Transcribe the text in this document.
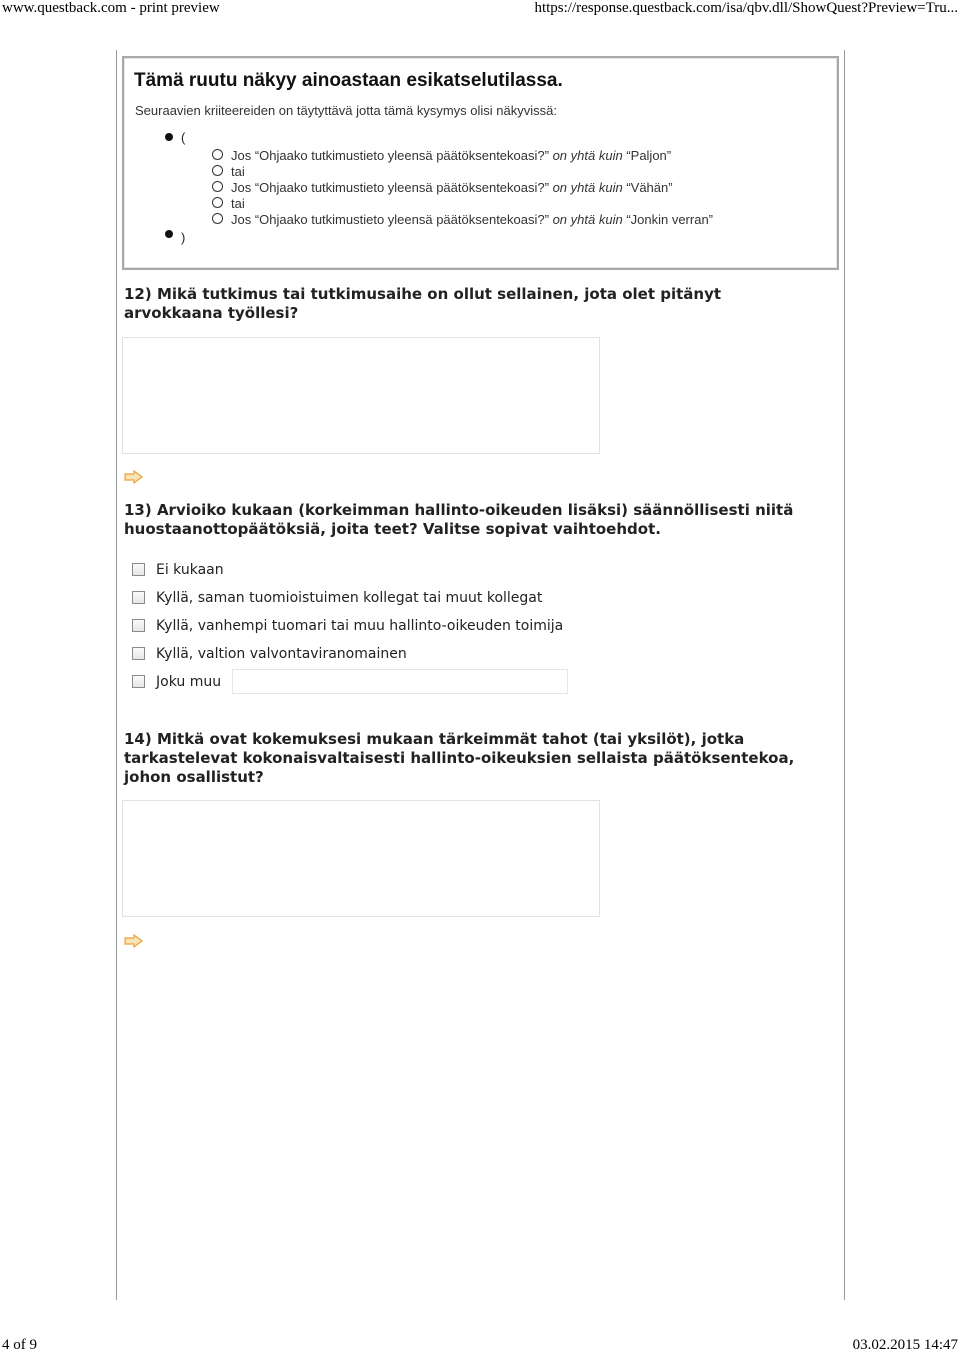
www.questback.com - print preview	https://response.questback.com/isa/qbv.dll/ShowQuest?Preview=Tru...
Tämä ruutu näkyy ainoastaan esikatselutilassa.
Seuraavien kriiteereiden on täytyttävä jotta tämä kysymys olisi näkyvissä:
(
Jos “Ohjaako tutkimustieto yleensä päätöksentekoasi?” on yhtä kuin “Paljon”
tai
Jos “Ohjaako tutkimustieto yleensä päätöksentekoasi?” on yhtä kuin “Vähän”
tai
Jos “Ohjaako tutkimustieto yleensä päätöksentekoasi?” on yhtä kuin “Jonkin verran”
)
12) Mikä tutkimus tai tutkimusaihe on ollut sellainen, jota olet pitänyt arvokkaana työllesi?
13) Arvioiko kukaan (korkeimman hallinto-oikeuden lisäksi) säännöllisesti niitä huostaanottopäätöksiä, joita teet? Valitse sopivat vaihtoehdot.
Ei kukaan
Kyllä, saman tuomioistuimen kollegat tai muut kollegat
Kyllä, vanhempi tuomari tai muu hallinto-oikeuden toimija
Kyllä, valtion valvontaviranomainen
Joku muu
14) Mitkä ovat kokemuksesi mukaan tärkeimmät tahot (tai yksilöt), jotka tarkastelevat kokonaisvaltaisesti hallinto-oikeuksien sellaista päätöksentekoa, johon osallistut?
4 of 9	03.02.2015 14:47
